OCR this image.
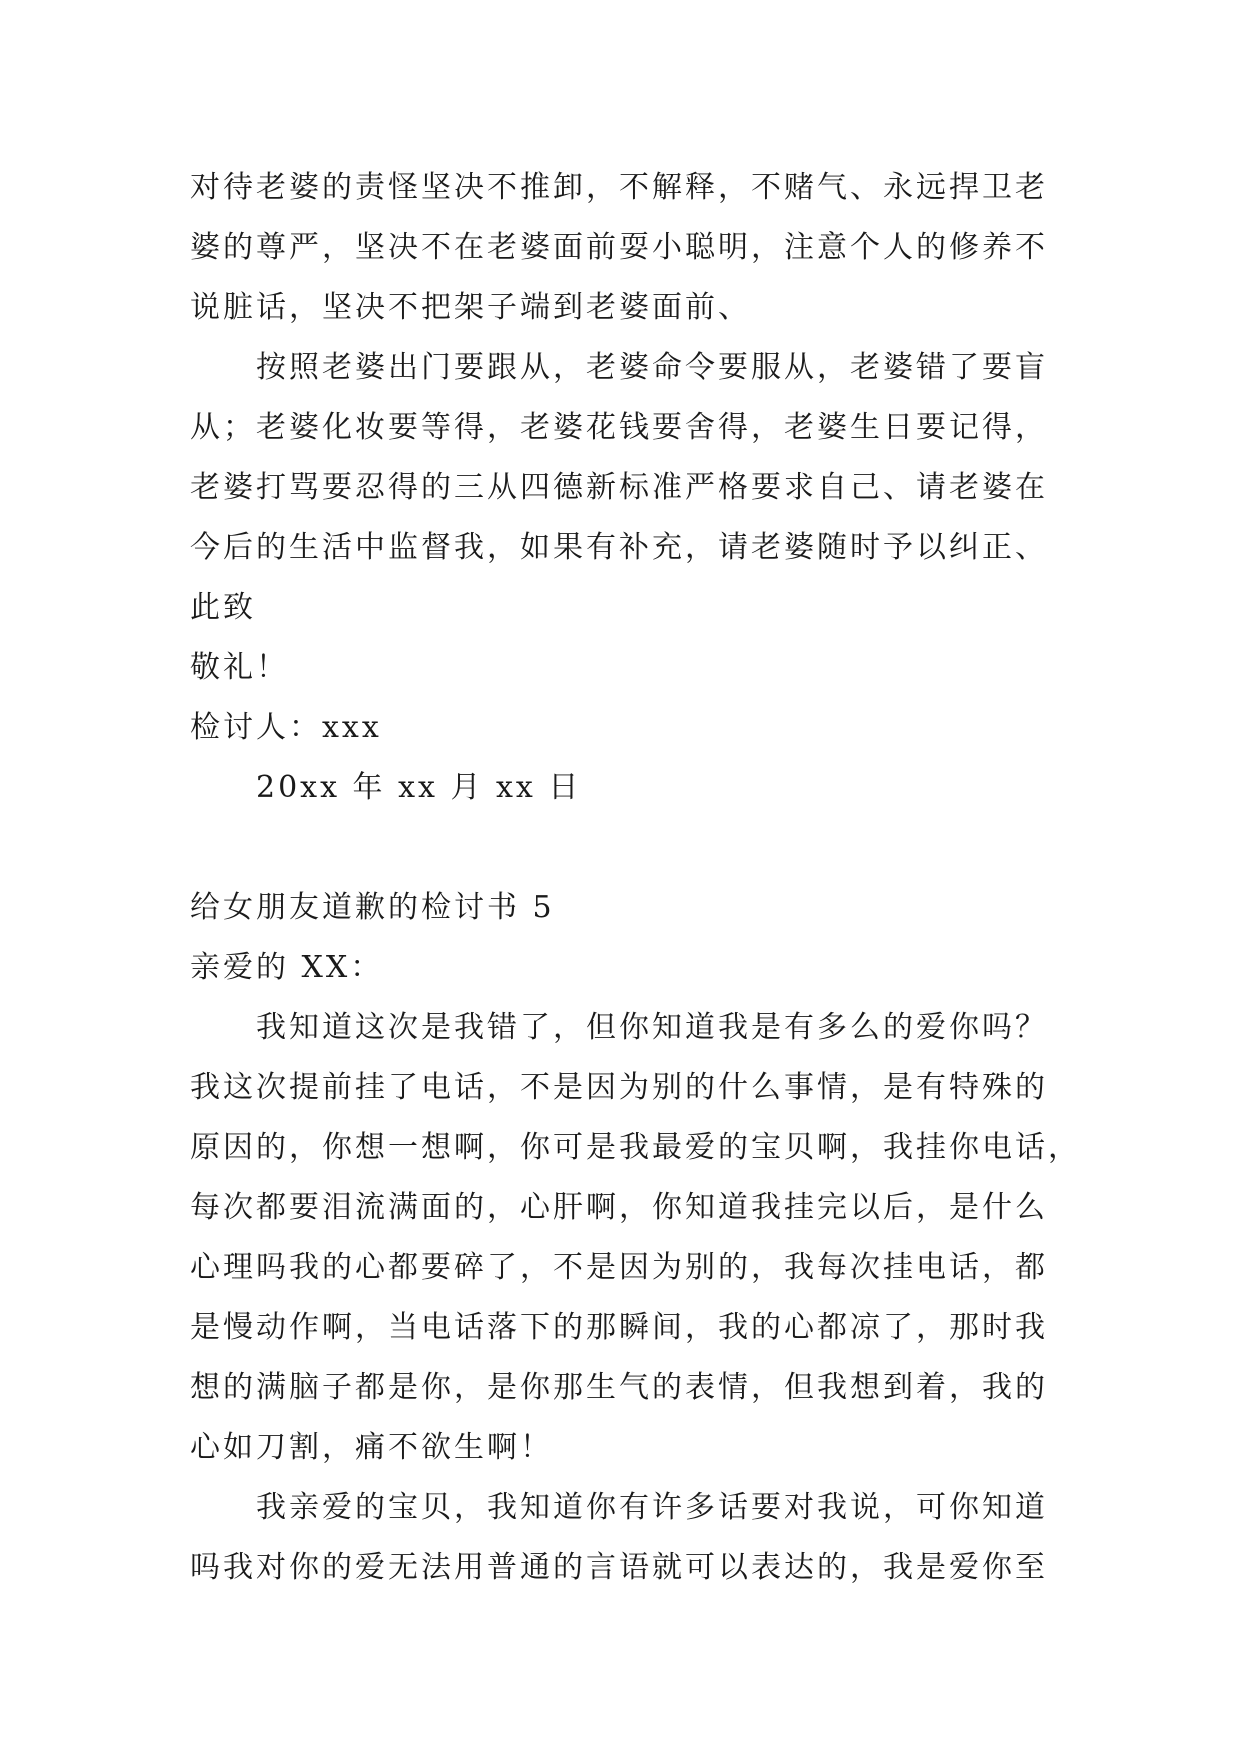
对待老婆的责怪坚决不推卸，不解释，不赌气、永远捍卫老
婆的尊严，坚决不在老婆面前耍小聪明，注意个人的修养不
说脏话，坚决不把架子端到老婆面前、
按照老婆出门要跟从，老婆命令要服从，老婆错了要盲
从；老婆化妆要等得，老婆花钱要舍得，老婆生日要记得，
老婆打骂要忍得的三从四德新标准严格要求自己、请老婆在
今后的生活中监督我，如果有补充，请老婆随时予以纠正、
此致
敬礼！
检讨人：xxx
20xx 年 xx 月 xx 日
给女朋友道歉的检讨书 5
亲爱的 XX：
我知道这次是我错了，但你知道我是有多么的爱你吗？
我这次提前挂了电话，不是因为别的什么事情，是有特殊的
原因的，你想一想啊，你可是我最爱的宝贝啊，我挂你电话，
每次都要泪流满面的，心肝啊，你知道我挂完以后，是什么
心理吗我的心都要碎了，不是因为别的，我每次挂电话，都
是慢动作啊，当电话落下的那瞬间，我的心都凉了，那时我
想的满脑子都是你，是你那生气的表情，但我想到着，我的
心如刀割，痛不欲生啊！
我亲爱的宝贝，我知道你有许多话要对我说，可你知道
吗我对你的爱无法用普通的言语就可以表达的，我是爱你至
